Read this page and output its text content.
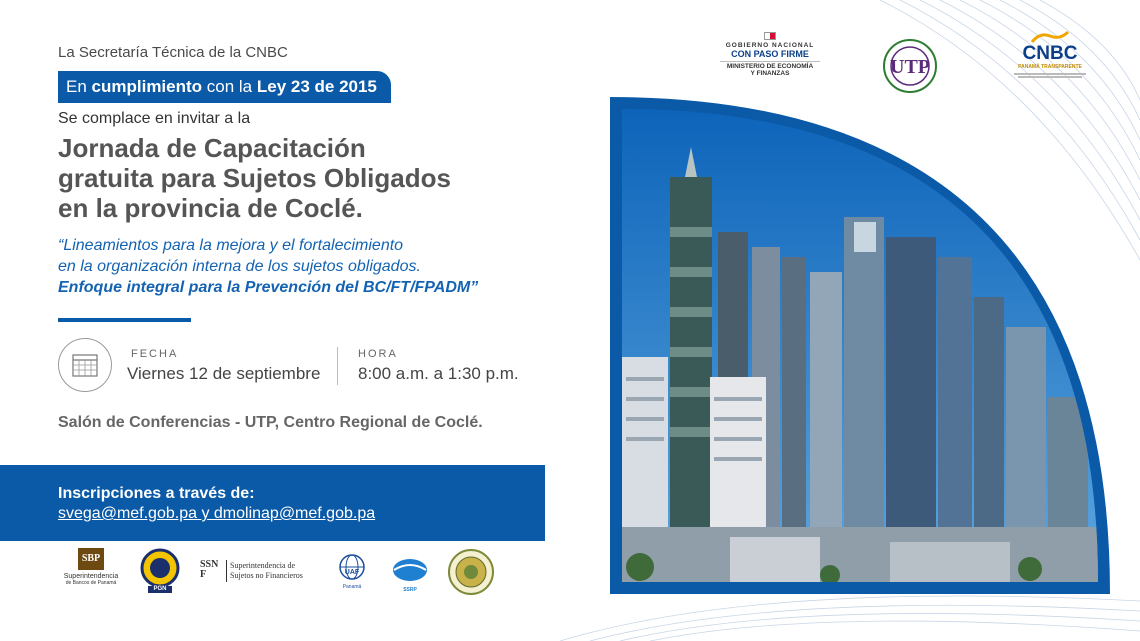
La Secretaría Técnica de la CNBC
En cumplimiento con la Ley 23 de 2015
Se complace en invitar a la
Jornada de Capacitación
gratuita para Sujetos Obligados
en la provincia de Coclé.
“Lineamientos para la mejora y el fortalecimiento
en la organización interna de los sujetos obligados.
Enfoque integral para la Prevención del BC/FT/FPADM”
FECHA
Viernes 12 de septiembre
HORA
8:00 a.m. a 1:30 p.m.
Salón de Conferencias - UTP, Centro Regional de Coclé.
Inscripciones a través de:
svega@mef.gob.pa y dmolinap@mef.gob.pa
SBP
Superintendencia
de Bancos de Panamá
PGN
SSNF
Superintendencia de
Sujetos no Financieros	UAF
Panamá	SSRP
GOBIERNO NACIONAL
CON PASO FIRME
MINISTERIO DE ECONOMÍA
Y FINANZAS	UTP
CNBC
PANAMÁ TRANSPARENTE
